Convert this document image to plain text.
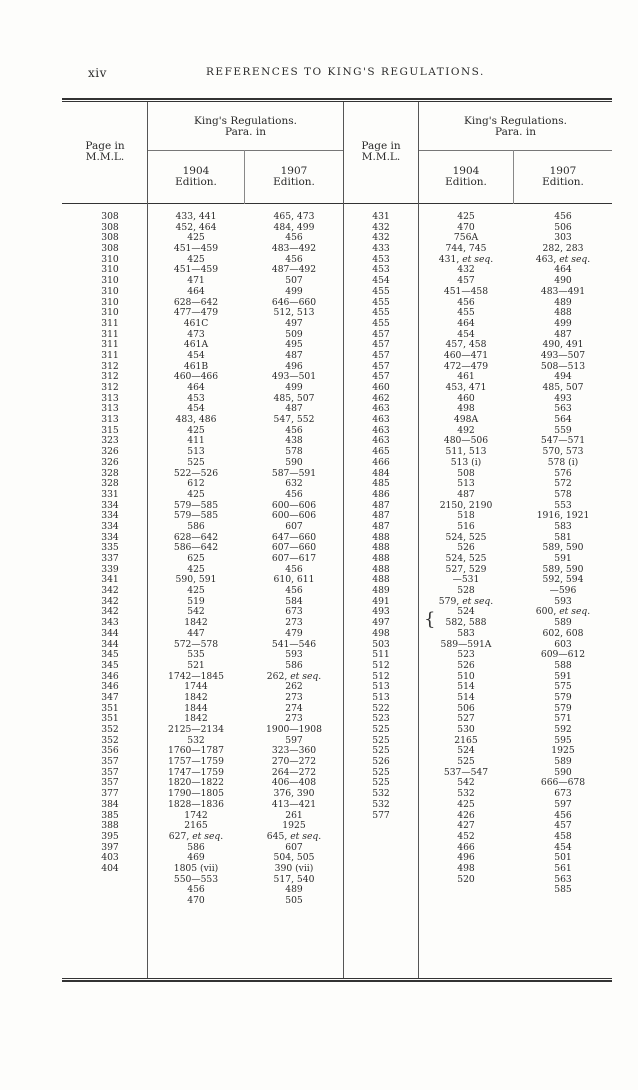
xiv	REFERENCES TO KING'S REGULATIONS.
Page in
M.M.L.
King's Regulations.
Para. in
1904
Edition.
1907
Edition.
Page in
M.M.L.
King's Regulations.
Para. in
1904
Edition.
1907
Edition.
308
308
308
308
310
310
310
310
310
310
311
311
311
311
312
312
312
313
313
313
315
323
326
326
328
328
331
334
334
334
334
335
337
339
341
342
342
342
343
344
344
345
345
346
346
347
351
351
352
352
356
357
357
357
377
384
385
388
395
397
403
404
433, 441
452, 464
425
451—459
425
451—459
471
464
628—642
477—479
461C
473
461A
454
461B
460—466
464
453
454
483, 486
425
411
513
525
522—526
612
425
579—585
579—585
586
628—642
586—642
625
425
590, 591
425
519
542
1842
447
572—578
535
521
1742—1845
1744
1842
1844
1842
2125—2134
532
1760—1787
1757—1759
1747—1759
1820—1822
1790—1805
1828—1836
1742
2165
627, et seq.
586
469
1805 (vii)
550—553
456
470
465, 473
484, 499
456
483—492
456
487—492
507
499
646—660
512, 513
497
509
495
487
496
493—501
499
485, 507
487
547, 552
456
438
578
590
587—591
632
456
600—606
600—606
607
647—660
607—660
607—617
456
610, 611
456
584
673
273
479
541—546
593
586
262, et seq.
262
273
274
273
1900—1908
597
323—360
270—272
264—272
406—408
376, 390
413—421
261
1925
645, et seq.
607
504, 505
390 (vii)
517, 540
489
505
431
432
432
433
453
453
454
455
455
455
455
457
457
457
457
457
460
462
463
463
463
463
465
466
484
485
486
487
487
487
488
488
488
488
488
489
491
493
497
498
503
511
512
512
513
513
522
523
525
525
525
526
525
525
532
532
577
425
470
756A
744, 745
431, et seq.
432
457
451—458
456
455
464
454
457, 458
460—471
472—479
461
453, 471
460
498
498A
492
480—506
511, 513
513 (i)
508
513
487
2150, 2190
518
516
524, 525
526
524, 525
527, 529
—531
528
579, et seq.
524
582, 588
583
589—591A
523
526
510
514
514
506
527
530
2165
524
525
537—547
542
532
425
426
427
452
466
496
498
520
456
506
303
282, 283
463, et seq.
464
490
483—491
489
488
499
487
490, 491
493—507
508—513
494
485, 507
493
563
564
559
547—571
570, 573
578 (i)
576
572
578
553
1916, 1921
583
581
589, 590
591
589, 590
592, 594
—596
593
600, et seq.
589
602, 608
603
609—612
588
591
575
579
579
571
592
595
1925
589
590
666—678
673
597
456
457
458
454
501
561
563
585
{
